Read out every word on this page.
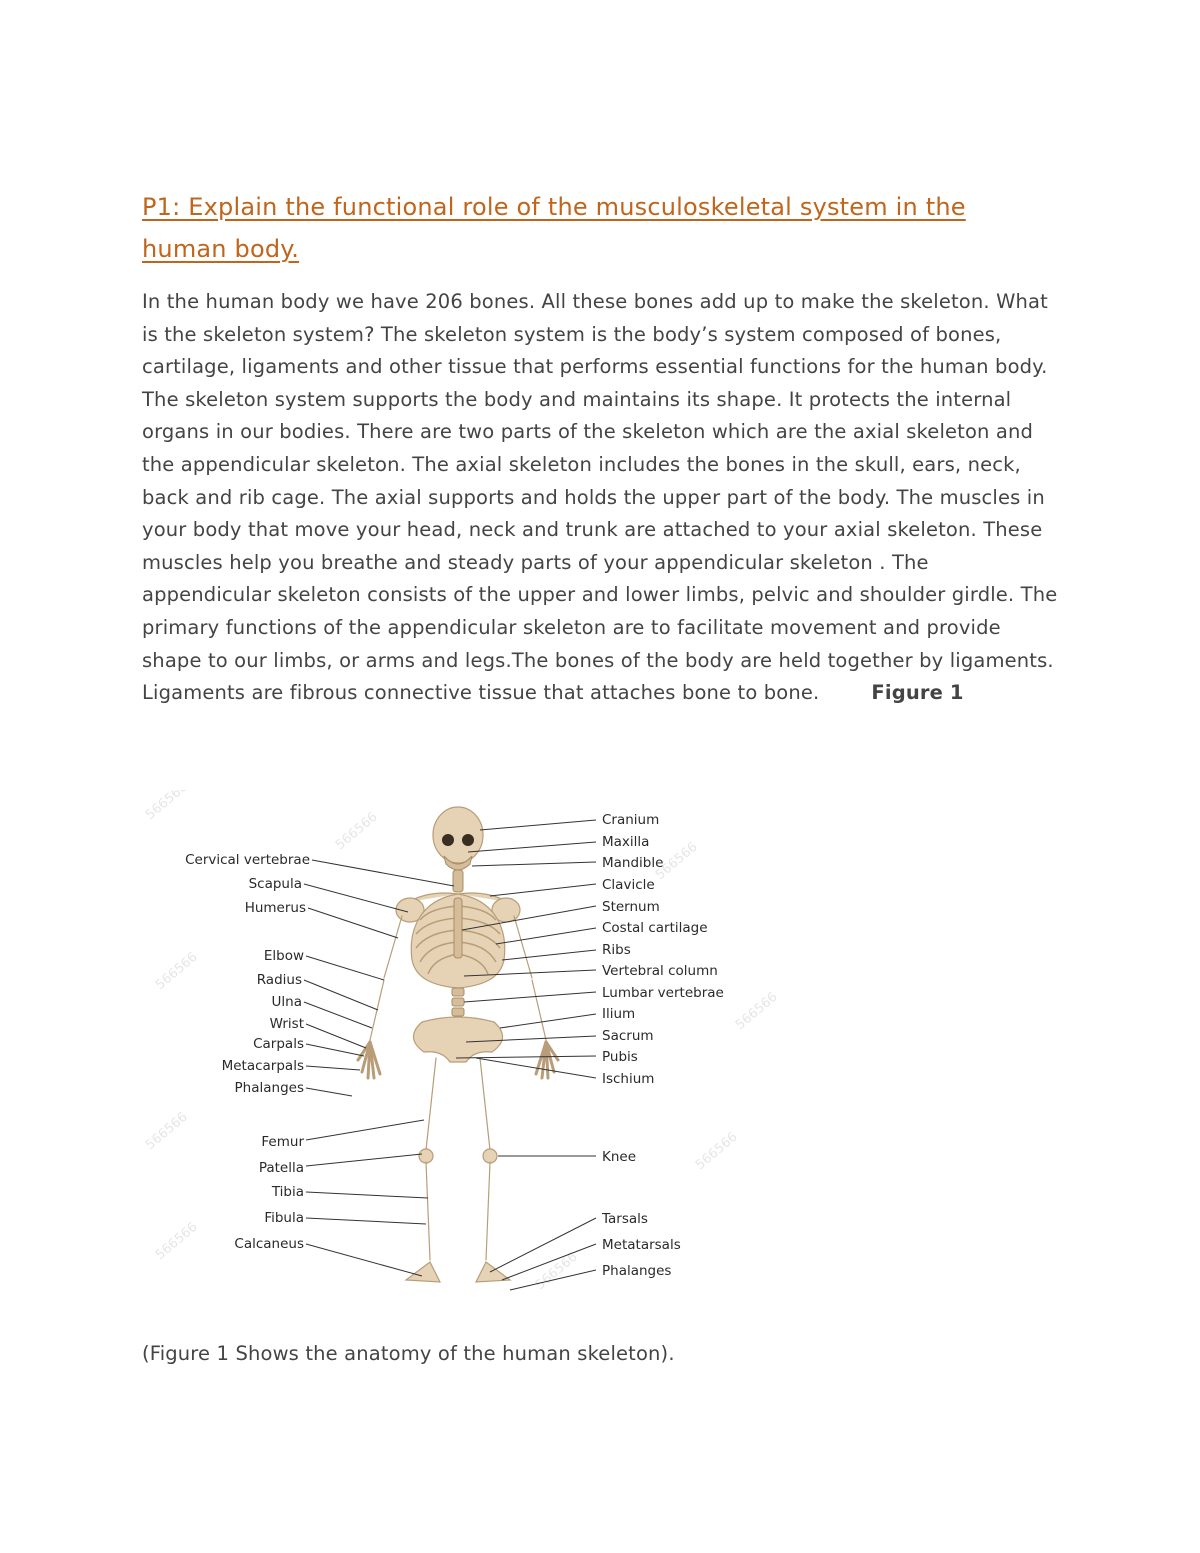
P1: Explain the functional role of the musculoskeletal system in the human body.

In the human body we have 206 bones. All these bones add up to make the skeleton. What is the skeleton system? The skeleton system is the body’s system composed of bones, cartilage, ligaments and other tissue that performs essential functions for the human body. The skeleton system supports the body and maintains its shape. It protects the internal organs in our bodies. There are two parts of the skeleton which are the axial skeleton and the appendicular skeleton. The axial skeleton includes the bones in the skull, ears, neck, back and rib cage. The axial supports and holds the upper part of the body. The muscles in your body that move your head, neck and trunk are attached to your axial skeleton. These muscles help you breathe and steady parts of your appendicular skeleton . The appendicular skeleton consists of the upper and lower limbs, pelvic and shoulder girdle. The primary functions of the appendicular skeleton are to facilitate movement and provide shape to our limbs, or arms and legs.The bones of the body are held together by ligaments. Ligaments are fibrous connective tissue that attaches bone to bone.	Figure 1

566566
566566
566566
566566
566566
566566	566566
566566
566566
Cervical vertebrae
Scapula
Humerus
Elbow
Radius
Ulna
Wrist
Carpals
Metacarpals
Phalanges
Femur
Patella
Tibia
Fibula
Calcaneus
Cranium
Maxilla
Mandible
Clavicle
Sternum
Costal cartilage
Ribs
Vertebral column
Lumbar vertebrae
Ilium
Sacrum
Pubis
Ischium
Knee
Tarsals
Metatarsals
Phalanges
(Figure 1 Shows the anatomy of the human skeleton).
